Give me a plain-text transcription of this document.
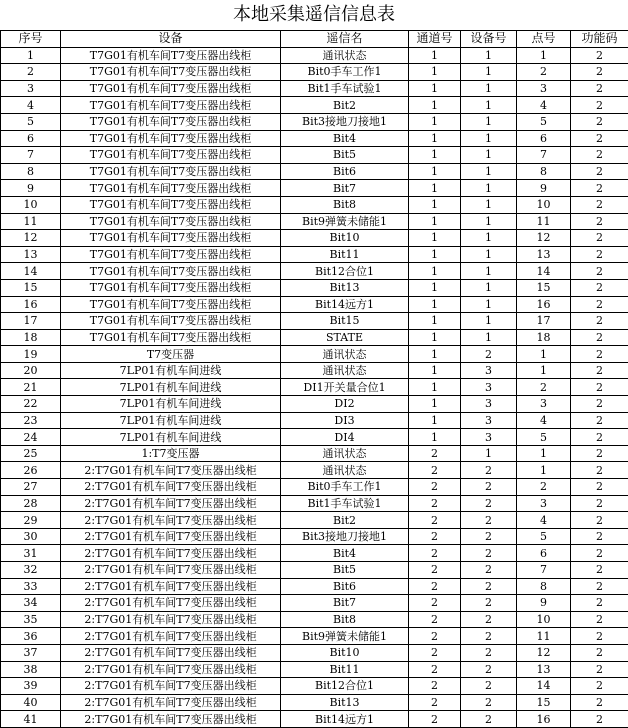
本地采集遥信信息表
序号	设备	遥信名	通道号	设备号	点号	功能码
1	T7G01有机车间T7变压器出线柜	通讯状态	1	1	1	2
2	T7G01有机车间T7变压器出线柜	Bit0手车工作1	1	1	2	2
3	T7G01有机车间T7变压器出线柜	Bit1手车试验1	1	1	3	2
4	T7G01有机车间T7变压器出线柜	Bit2	1	1	4	2
5	T7G01有机车间T7变压器出线柜	Bit3接地刀接地1	1	1	5	2
6	T7G01有机车间T7变压器出线柜	Bit4	1	1	6	2
7	T7G01有机车间T7变压器出线柜	Bit5	1	1	7	2
8	T7G01有机车间T7变压器出线柜	Bit6	1	1	8	2
9	T7G01有机车间T7变压器出线柜	Bit7	1	1	9	2
10	T7G01有机车间T7变压器出线柜	Bit8	1	1	10	2
11	T7G01有机车间T7变压器出线柜	Bit9弹簧未储能1	1	1	11	2
12	T7G01有机车间T7变压器出线柜	Bit10	1	1	12	2
13	T7G01有机车间T7变压器出线柜	Bit11	1	1	13	2
14	T7G01有机车间T7变压器出线柜	Bit12合位1	1	1	14	2
15	T7G01有机车间T7变压器出线柜	Bit13	1	1	15	2
16	T7G01有机车间T7变压器出线柜	Bit14远方1	1	1	16	2
17	T7G01有机车间T7变压器出线柜	Bit15	1	1	17	2
18	T7G01有机车间T7变压器出线柜	STATE	1	1	18	2
19	T7变压器	通讯状态	1	2	1	2
20	7LP01有机车间进线	通讯状态	1	3	1	2
21	7LP01有机车间进线	DI1开关量合位1	1	3	2	2
22	7LP01有机车间进线	DI2	1	3	3	2
23	7LP01有机车间进线	DI3	1	3	4	2
24	7LP01有机车间进线	DI4	1	3	5	2
25	1:T7变压器	通讯状态	2	1	1	2
26	2:T7G01有机车间T7变压器出线柜	通讯状态	2	2	1	2
27	2:T7G01有机车间T7变压器出线柜	Bit0手车工作1	2	2	2	2
28	2:T7G01有机车间T7变压器出线柜	Bit1手车试验1	2	2	3	2
29	2:T7G01有机车间T7变压器出线柜	Bit2	2	2	4	2
30	2:T7G01有机车间T7变压器出线柜	Bit3接地刀接地1	2	2	5	2
31	2:T7G01有机车间T7变压器出线柜	Bit4	2	2	6	2
32	2:T7G01有机车间T7变压器出线柜	Bit5	2	2	7	2
33	2:T7G01有机车间T7变压器出线柜	Bit6	2	2	8	2
34	2:T7G01有机车间T7变压器出线柜	Bit7	2	2	9	2
35	2:T7G01有机车间T7变压器出线柜	Bit8	2	2	10	2
36	2:T7G01有机车间T7变压器出线柜	Bit9弹簧未储能1	2	2	11	2
37	2:T7G01有机车间T7变压器出线柜	Bit10	2	2	12	2
38	2:T7G01有机车间T7变压器出线柜	Bit11	2	2	13	2
39	2:T7G01有机车间T7变压器出线柜	Bit12合位1	2	2	14	2
40	2:T7G01有机车间T7变压器出线柜	Bit13	2	2	15	2
41	2:T7G01有机车间T7变压器出线柜	Bit14远方1	2	2	16	2
